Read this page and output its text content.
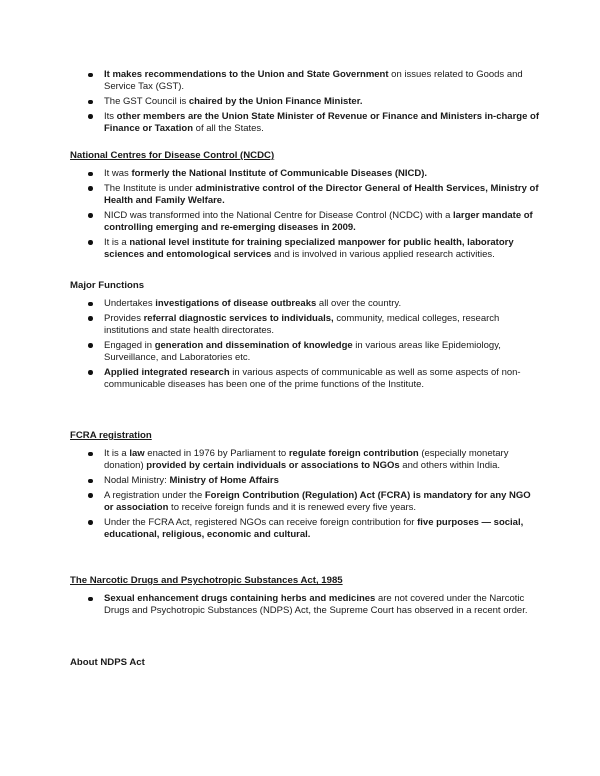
It makes recommendations to the Union and State Government on issues related to Goods and Service Tax (GST).
The GST Council is chaired by the Union Finance Minister.
Its other members are the Union State Minister of Revenue or Finance and Ministers in-charge of Finance or Taxation of all the States.

National Centres for Disease Control (NCDC)

It was formerly the National Institute of Communicable Diseases (NICD).
The Institute is under administrative control of the Director General of Health Services, Ministry of Health and Family Welfare.
NICD was transformed into the National Centre for Disease Control (NCDC) with a larger mandate of controlling emerging and re-emerging diseases in 2009.
It is a national level institute for training specialized manpower for public health, laboratory sciences and entomological services and is involved in various applied research activities.

Major Functions

Undertakes investigations of disease outbreaks all over the country.
Provides referral diagnostic services to individuals, community, medical colleges, research institutions and state health directorates.
Engaged in generation and dissemination of knowledge in various areas like Epidemiology, Surveillance, and Laboratories etc.
Applied integrated research in various aspects of communicable as well as some aspects of non-communicable diseases has been one of the prime functions of the Institute.

FCRA registration

It is a law enacted in 1976 by Parliament to regulate foreign contribution (especially monetary donation) provided by certain individuals or associations to NGOs and others within India.
Nodal Ministry: Ministry of Home Affairs
A registration under the Foreign Contribution (Regulation) Act (FCRA) is mandatory for any NGO or association to receive foreign funds and it is renewed every five years.
Under the FCRA Act, registered NGOs can receive foreign contribution for five purposes — social, educational, religious, economic and cultural.

The Narcotic Drugs and Psychotropic Substances Act, 1985

Sexual enhancement drugs containing herbs and medicines are not covered under the Narcotic Drugs and Psychotropic Substances (NDPS) Act, the Supreme Court has observed in a recent order.

About NDPS Act
